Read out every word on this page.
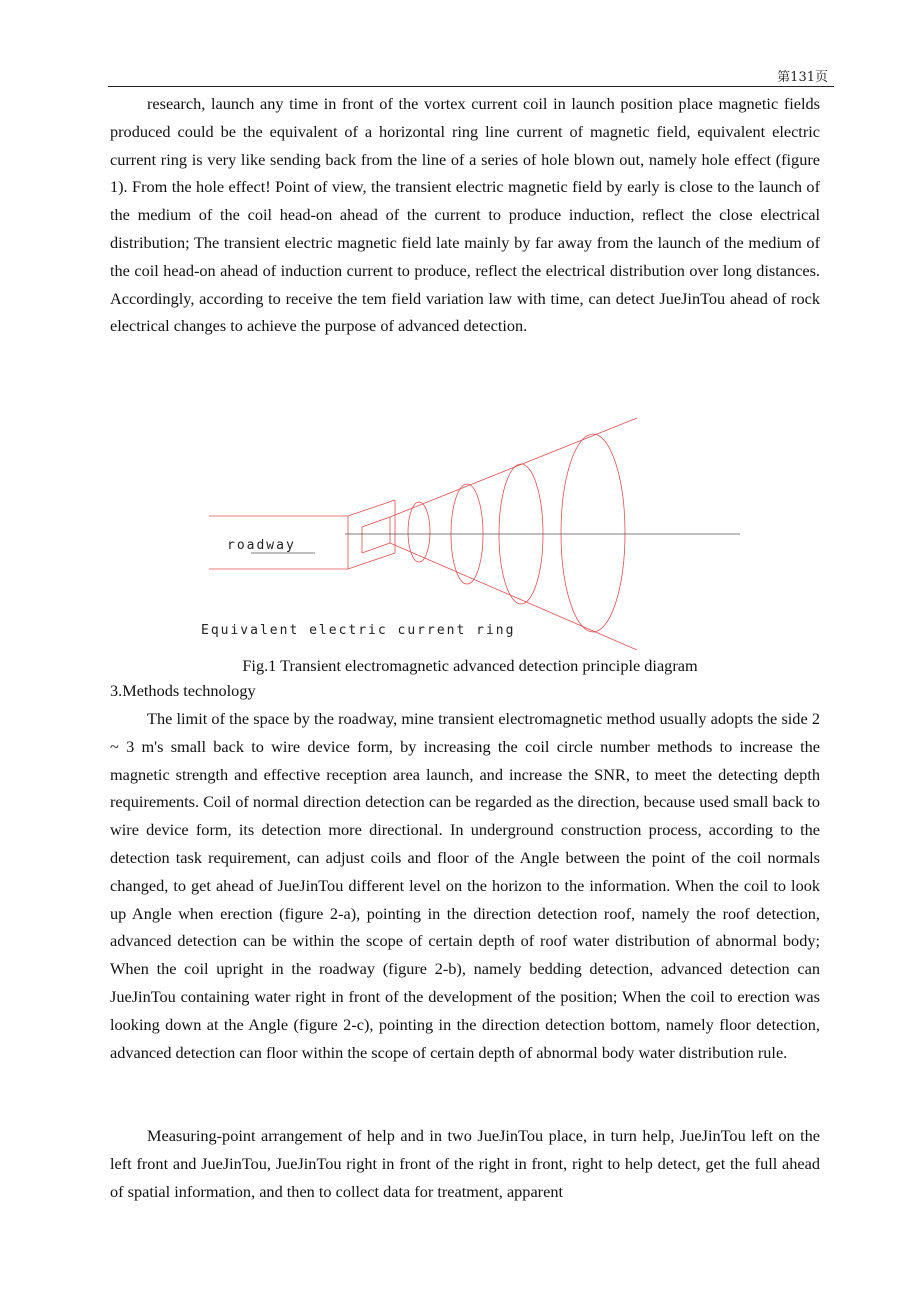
第131页

research, launch any time in front of the vortex current coil in launch position place magnetic fields produced could be the equivalent of a horizontal ring line current of magnetic field, equivalent electric current ring is very like sending back from the line of a series of hole blown out, namely hole effect (figure 1). From the hole effect! Point of view, the transient electric magnetic field by early is close to the launch of the medium of the coil head-on ahead of the current to produce induction, reflect the close electrical distribution; The transient electric magnetic field late mainly by far away from the launch of the medium of the coil head-on ahead of induction current to produce, reflect the electrical distribution over long distances. Accordingly, according to receive the tem field variation law with time, can detect JueJinTou ahead of rock electrical changes to achieve the purpose of advanced detection.

roadway
Equivalent electric current ring
Fig.1 Transient electromagnetic advanced detection principle diagram
3.Methods technology

The limit of the space by the roadway, mine transient electromagnetic method usually adopts the side 2 ~ 3 m's small back to wire device form, by increasing the coil circle number methods to increase the magnetic strength and effective reception area launch, and increase the SNR, to meet the detecting depth requirements. Coil of normal direction detection can be regarded as the direction, because used small back to wire device form, its detection more directional. In underground construction process, according to the detection task requirement, can adjust coils and floor of the Angle between the point of the coil normals changed, to get ahead of JueJinTou different level on the horizon to the information. When the coil to look up Angle when erection (figure 2-a), pointing in the direction detection roof, namely the roof detection, advanced detection can be within the scope of certain depth of roof water distribution of abnormal body; When the coil upright in the roadway (figure 2-b), namely bedding detection, advanced detection can JueJinTou containing water right in front of the development of the position; When the coil to erection was looking down at the Angle (figure 2-c), pointing in the direction detection bottom, namely floor detection, advanced detection can floor within the scope of certain depth of abnormal body water distribution rule.

Measuring-point arrangement of help and in two JueJinTou place, in turn help, JueJinTou left on the left front and JueJinTou, JueJinTou right in front of the right in front, right to help detect, get the full ahead of spatial information, and then to collect data for treatment, apparent
